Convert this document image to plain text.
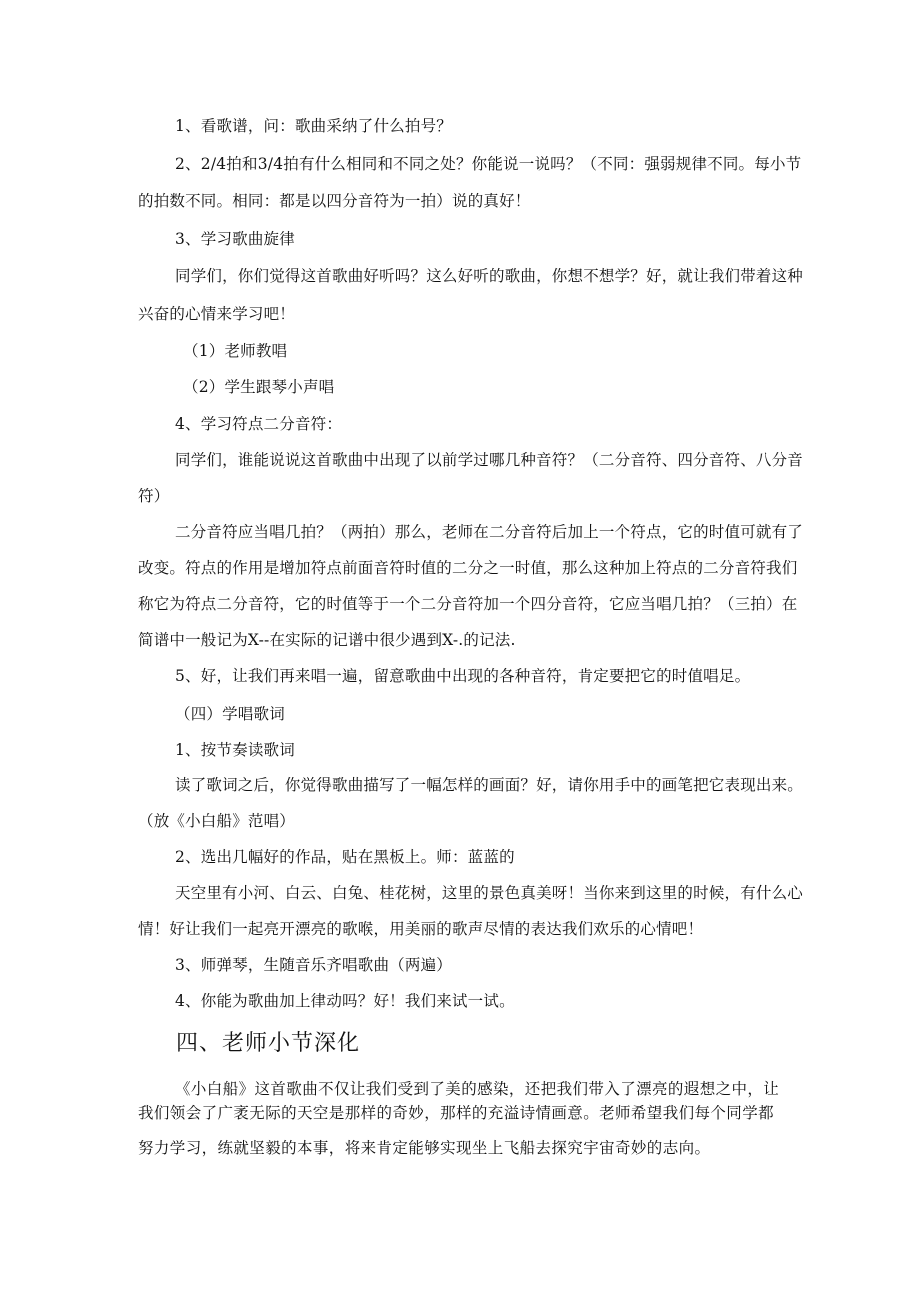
1、看歌谱，问：歌曲采纳了什么拍号？
2、2/4拍和3/4拍有什么相同和不同之处？你能说一说吗？（不同：强弱规律不同。每小节
的拍数不同。相同：都是以四分音符为一拍）说的真好！
3、学习歌曲旋律
同学们，你们觉得这首歌曲好听吗？这么好听的歌曲，你想不想学？好，就让我们带着这种
兴奋的心情来学习吧！
（1）老师教唱
（2）学生跟琴小声唱
4、学习符点二分音符：
同学们，谁能说说这首歌曲中出现了以前学过哪几种音符？（二分音符、四分音符、八分音
符）
二分音符应当唱几拍？（两拍）那么，老师在二分音符后加上一个符点，它的时值可就有了
改变。符点的作用是增加符点前面音符时值的二分之一时值，那么这种加上符点的二分音符我们
称它为符点二分音符，它的时值等于一个二分音符加一个四分音符，它应当唱几拍？（三拍）在
简谱中一般记为X--在实际的记谱中很少遇到X-.的记法.
5、好，让我们再来唱一遍，留意歌曲中出现的各种音符，肯定要把它的时值唱足。
（四）学唱歌词
1、按节奏读歌词
读了歌词之后，你觉得歌曲描写了一幅怎样的画面？好，请你用手中的画笔把它表现出来。
（放《小白船》范唱）
2、选出几幅好的作品，贴在黑板上。师：蓝蓝的
天空里有小河、白云、白兔、桂花树，这里的景色真美呀！当你来到这里的时候，有什么心
情！好让我们一起亮开漂亮的歌喉，用美丽的歌声尽情的表达我们欢乐的心情吧！
3、师弹琴，生随音乐齐唱歌曲（两遍）
4、你能为歌曲加上律动吗？好！我们来试一试。
四、老师小节深化
《小白船》这首歌曲不仅让我们受到了美的感染，还把我们带入了漂亮的遐想之中，让
我们领会了广袤无际的天空是那样的奇妙，那样的充溢诗情画意。老师希望我们每个同学都
努力学习，练就坚毅的本事，将来肯定能够实现坐上飞船去探究宇宙奇妙的志向。
